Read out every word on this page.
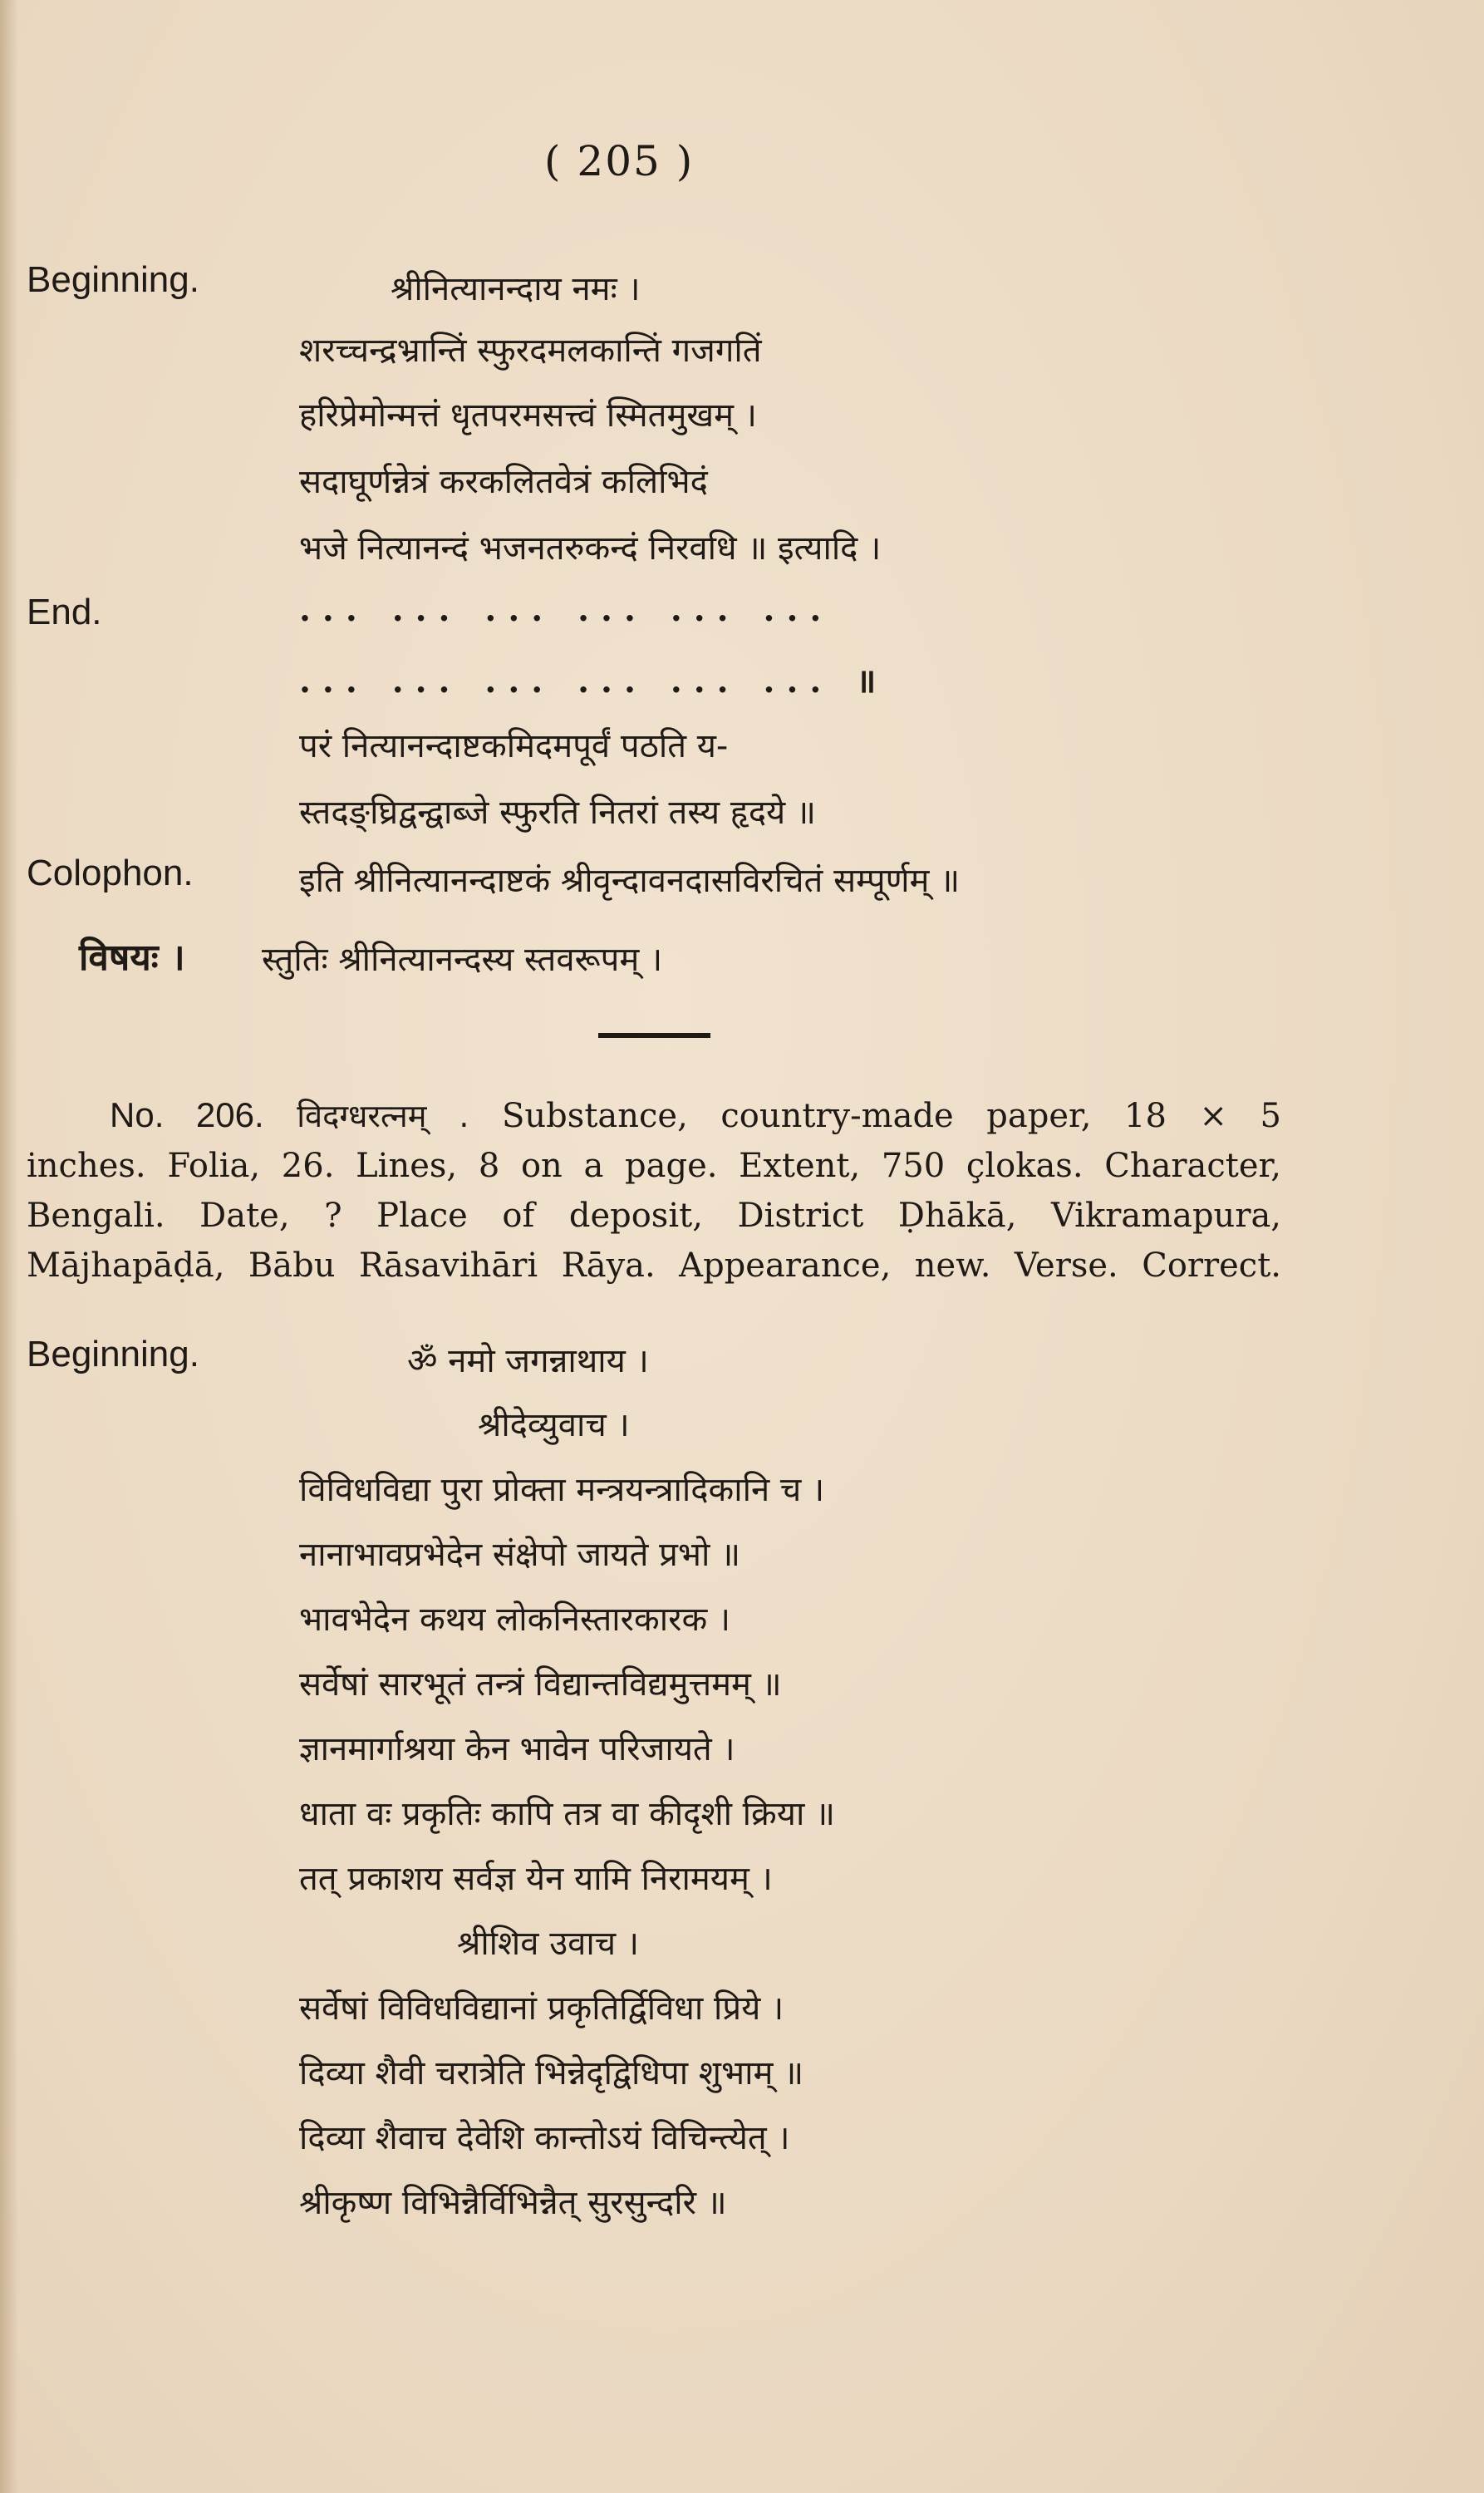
( 205 )
Beginning.	श्रीनित्यानन्दाय नमः ।
शरच्चन्द्रभ्रान्तिं स्फुरदमलकान्तिं गजगतिं
हरिप्रेमोन्मत्तं धृतपरमसत्त्वं स्मितमुखम् ।
सदाघूर्णन्नेत्रं करकलितवेत्रं कलिभिदं
भजे नित्यानन्दं भजनतरुकन्दं निरवधि ॥ इत्यादि ।
End.	... ... ... ... ... ...
... ... ... ... ... ... ॥
परं नित्यानन्दाष्टकमिदमपूर्वं पठति य-
स्तदङ्घ्रिद्वन्द्वाब्जे स्फुरति नितरां तस्य हृदये ॥
Colophon.	इति श्रीनित्यानन्दाष्टकं श्रीवृन्दावनदासविरचितं सम्पूर्णम् ॥
विषयः । स्तुतिः श्रीनित्यानन्दस्य स्तवरूपम् ।
No. 206. विदग्धरत्नम् . Substance, country-made paper, 18 × 5
inches. Folia, 26. Lines, 8 on a page. Extent, 750 çlokas. Character,
Bengali. Date, ? Place of deposit, District Ḍhākā, Vikramapura,
Mājhapāḍā, Bābu Rāsavihāri Rāya. Appearance, new. Verse. Correct.
Beginning.	ॐ नमो जगन्नाथाय ।
श्रीदेव्युवाच ।
विविधविद्या पुरा प्रोक्ता मन्त्रयन्त्रादिकानि च ।
नानाभावप्रभेदेन संक्षेपो जायते प्रभो ॥
भावभेदेन कथय लोकनिस्तारकारक ।
सर्वेषां सारभूतं तन्त्रं विद्यान्तविद्यमुत्तमम् ॥
ज्ञानमार्गाश्रया केन भावेन परिजायते ।
धाता वः प्रकृतिः कापि तत्र वा कीदृशी क्रिया ॥
तत् प्रकाशय सर्वज्ञ येन यामि निरामयम् ।
श्रीशिव उवाच ।
सर्वेषां विविधविद्यानां प्रकृतिर्द्विविधा प्रिये ।
दिव्या शैवी चरात्रेति भिन्नेदृद्विधिपा शुभाम् ॥
दिव्या शैवाच देवेशि कान्तोऽयं विचिन्त्येत् ।
श्रीकृष्ण विभिन्नैर्विभिन्नैत् सुरसुन्दरि ॥
